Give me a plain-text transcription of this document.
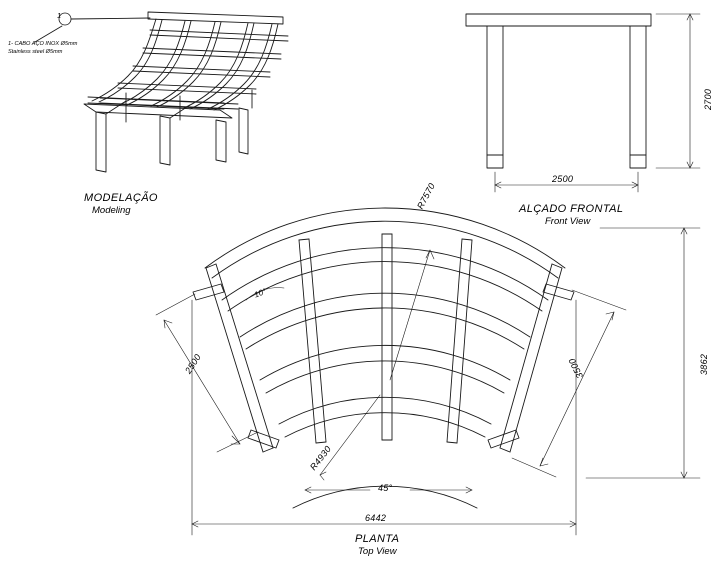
1
1- CABO AÇO INOX Ø5mm
Stainless steel Ø5mm
MODELAÇÃO
Modeling	ALÇADO FRONTAL
Front View
PLANTA
Top View
2700
2500
R7570
R4930
2500	3500	3862
6442
10°
45°
